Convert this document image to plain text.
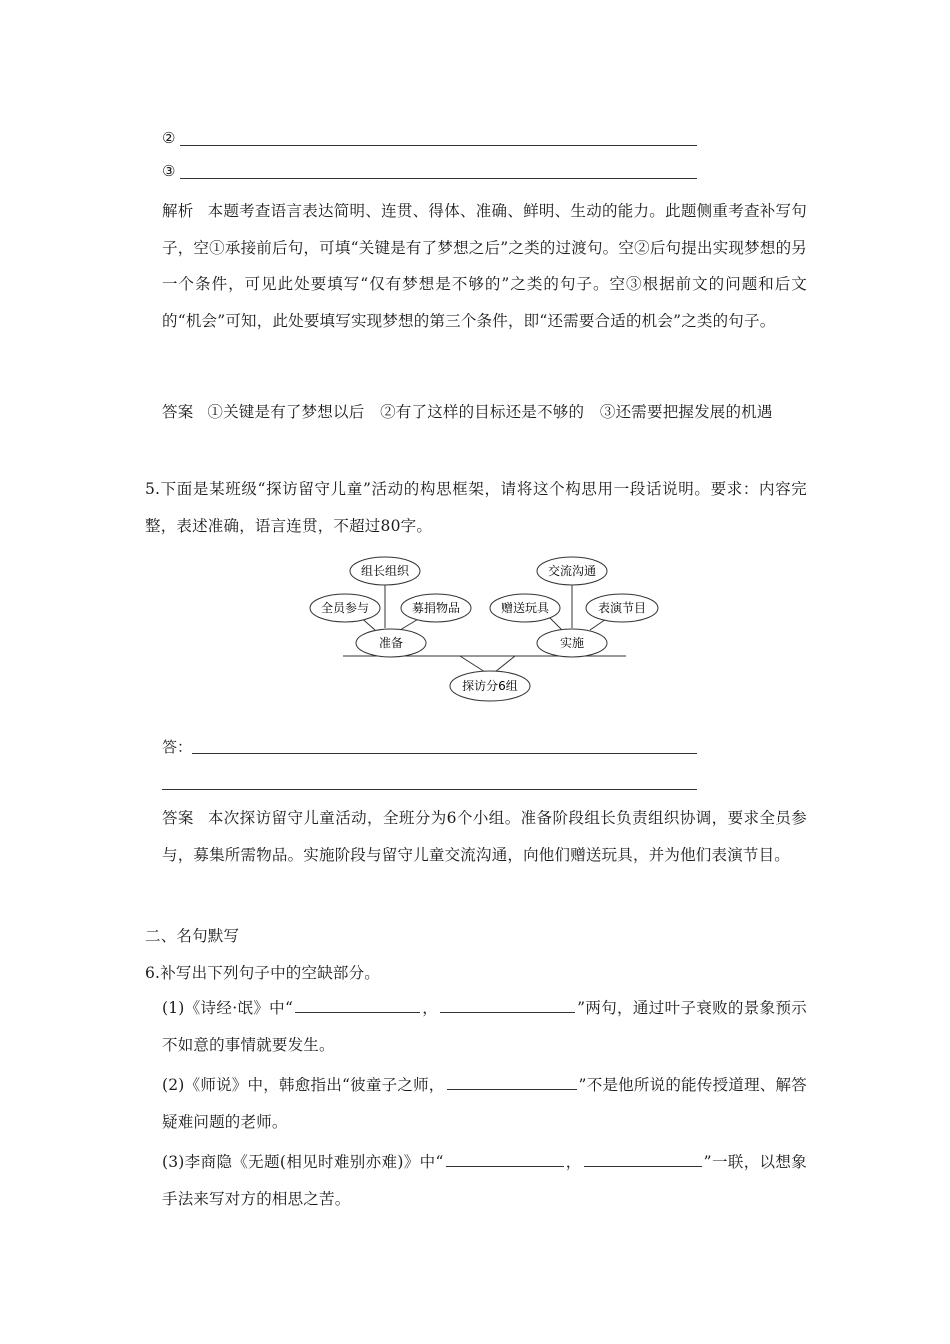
②
③
解析 本题考查语言表达简明、连贯、得体、准确、鲜明、生动的能力。此题侧重考查补写句子，空①承接前后句，可填“关键是有了梦想之后”之类的过渡句。空②后句提出实现梦想的另一个条件，可见此处要填写“仅有梦想是不够的”之类的句子。空③根据前文的问题和后文的“机会”可知，此处要填写实现梦想的第三个条件，即“还需要合适的机会”之类的句子。
答案 ①关键是有了梦想以后　②有了这样的目标还是不够的　③还需要把握发展的机遇
5.下面是某班级“探访留守儿童”活动的构思框架，请将这个构思用一段话说明。要求：内容完整，表述准确，语言连贯，不超过80字。
组长组织
全员参与	募捐物品
准备
交流沟通
赠送玩具	表演节目
实施
探访分6组
答：
答案 本次探访留守儿童活动，全班分为6个小组。准备阶段组长负责组织协调，要求全员参与，募集所需物品。实施阶段与留守儿童交流沟通，向他们赠送玩具，并为他们表演节目。
二、名句默写
6.补写出下列句子中的空缺部分。
(1)《诗经·氓》中“	，	”两句，通过叶子衰败的景象预示不如意的事情就要发生。
(2)《师说》中，韩愈指出“彼童子之师，	”不是他所说的能传授道理、解答疑难问题的老师。
(3)李商隐《无题(相见时难别亦难)》中“	，	”一联，以想象手法来写对方的相思之苦。
